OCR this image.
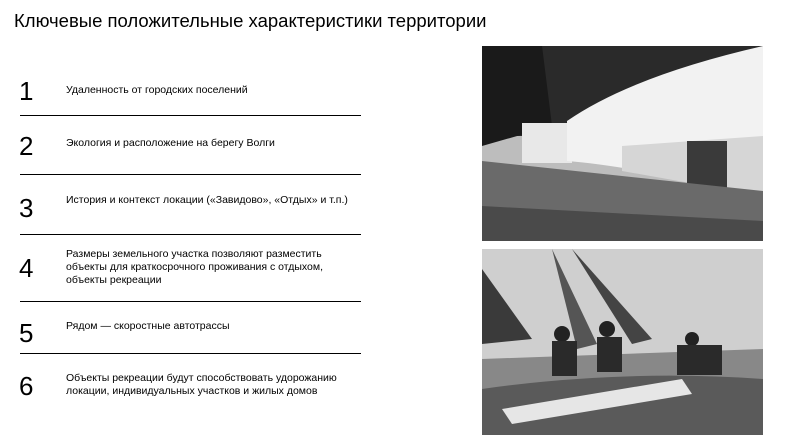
Ключевые положительные характеристики территории
1	Удаленность от городских поселений
2	Экология и расположение на берегу Волги
3	История и контекст локации («Завидово», «Отдых» и т.п.)
4	Размеры земельного участка позволяют разместить объекты для краткосрочного проживания с отдыхом, объекты рекреации
5	Рядом — скоростные автотрассы
6	Объекты рекреации будут способствовать удорожанию локации, индивидуальных участков и жилых домов
